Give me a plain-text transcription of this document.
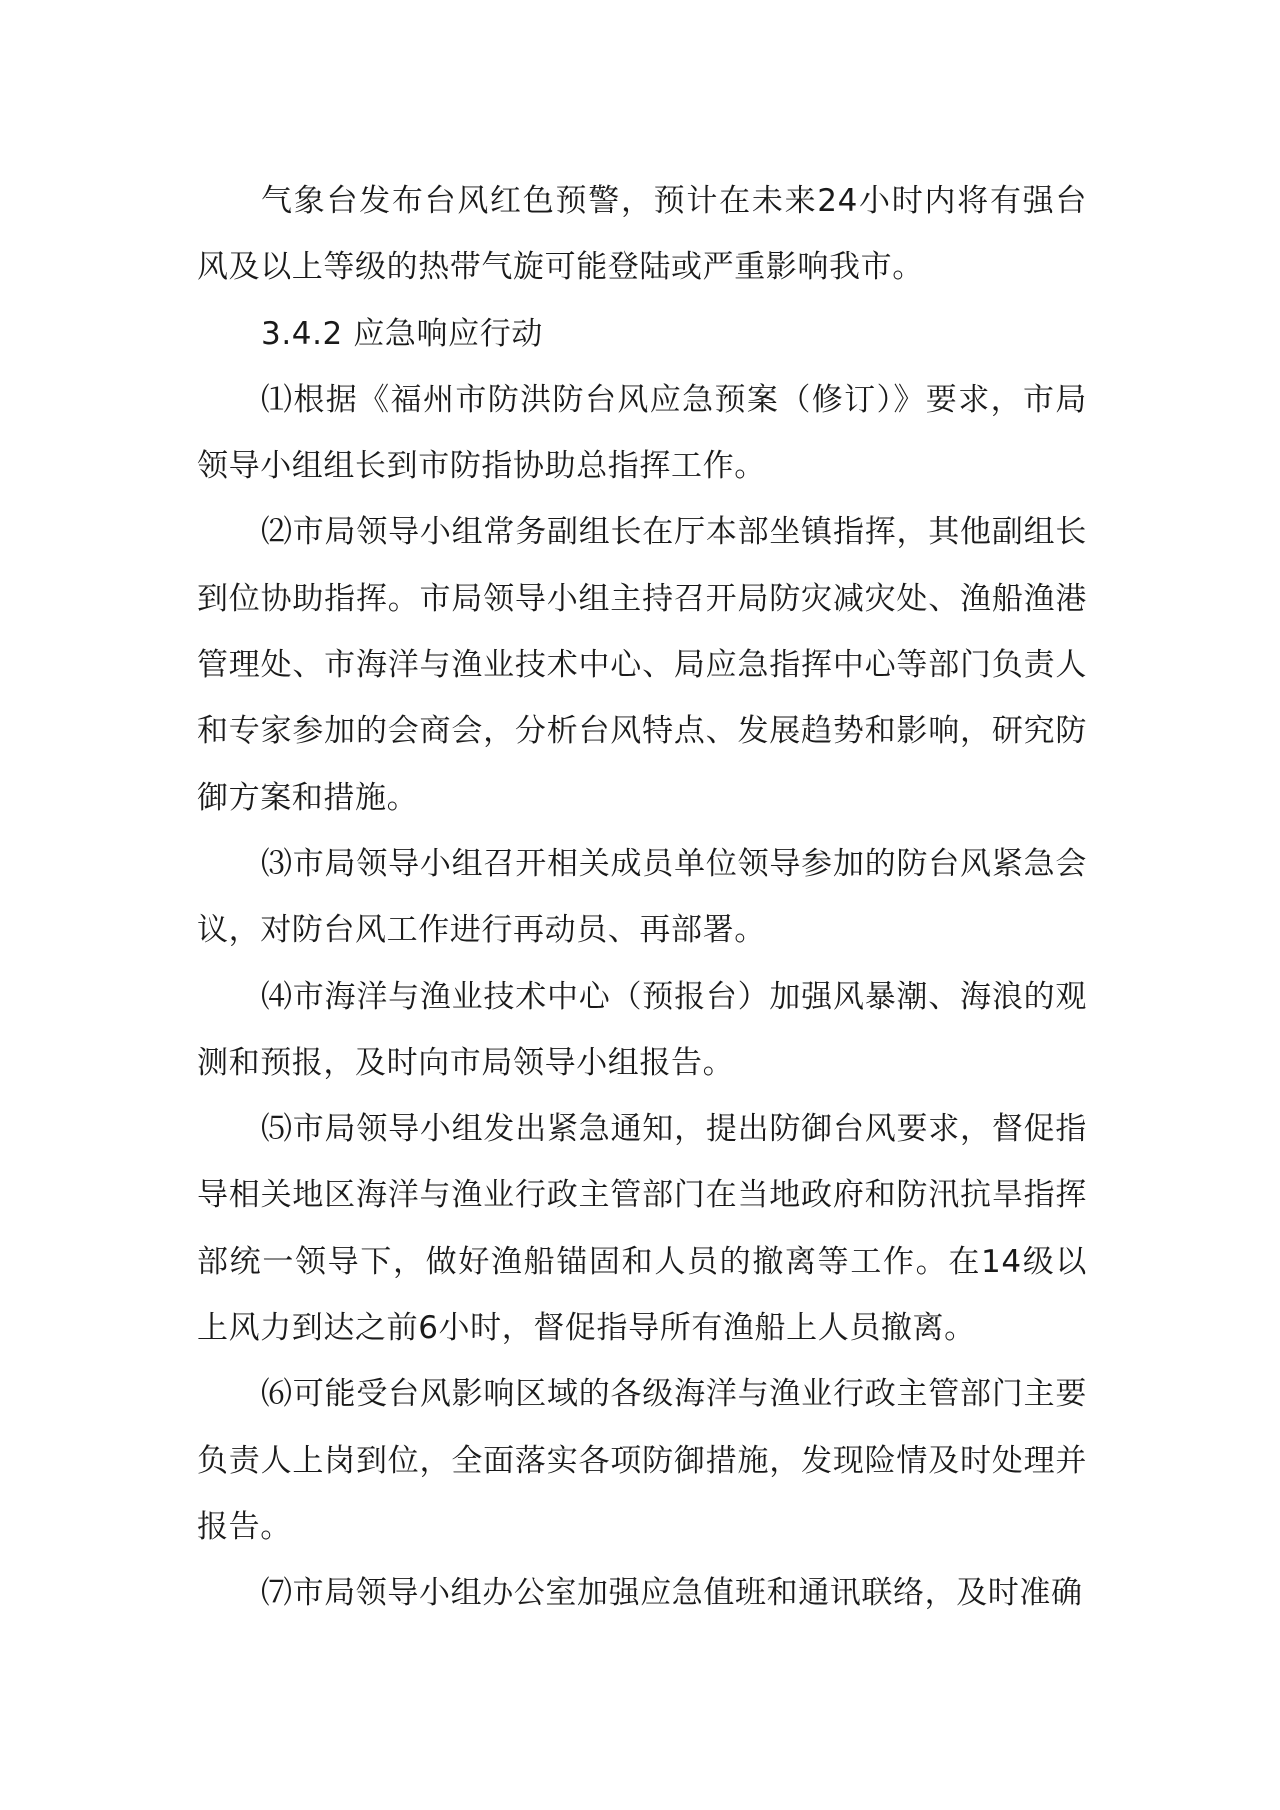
气象台发布台风红色预警，预计在未来24小时内将有强台风及以上等级的热带气旋可能登陆或严重影响我市。

3.4.2 应急响应行动

⑴根据《福州市防洪防台风应急预案（修订）》要求，市局领导小组组长到市防指协助总指挥工作。

⑵市局领导小组常务副组长在厅本部坐镇指挥，其他副组长到位协助指挥。市局领导小组主持召开局防灾减灾处、渔船渔港管理处、市海洋与渔业技术中心、局应急指挥中心等部门负责人和专家参加的会商会，分析台风特点、发展趋势和影响，研究防御方案和措施。

⑶市局领导小组召开相关成员单位领导参加的防台风紧急会议，对防台风工作进行再动员、再部署。

⑷市海洋与渔业技术中心（预报台）加强风暴潮、海浪的观测和预报，及时向市局领导小组报告。

⑸市局领导小组发出紧急通知，提出防御台风要求，督促指导相关地区海洋与渔业行政主管部门在当地政府和防汛抗旱指挥部统一领导下，做好渔船锚固和人员的撤离等工作。在14级以上风力到达之前6小时，督促指导所有渔船上人员撤离。

⑹可能受台风影响区域的各级海洋与渔业行政主管部门主要负责人上岗到位，全面落实各项防御措施，发现险情及时处理并报告。

⑺市局领导小组办公室加强应急值班和通讯联络，及时准确
